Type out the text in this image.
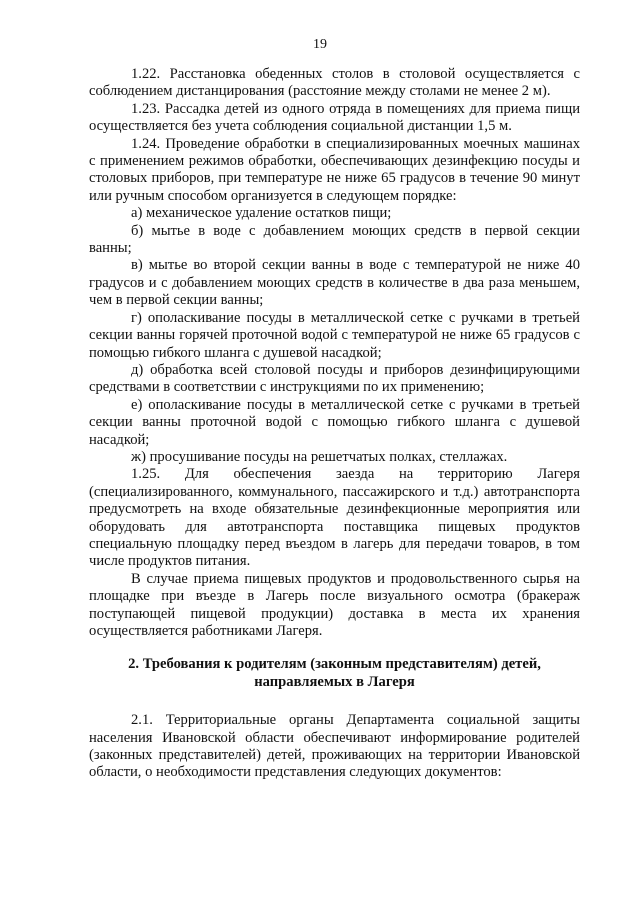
19

1.22. Расстановка обеденных столов в столовой осуществляется с соблюдением дистанцирования (расстояние между столами не менее 2 м).

1.23. Рассадка детей из одного отряда в помещениях для приема пищи осуществляется без учета соблюдения социальной дистанции 1,5 м.

1.24. Проведение обработки в специализированных моечных машинах с применением режимов обработки, обеспечивающих дезинфекцию посуды и столовых приборов, при температуре не ниже 65 градусов в течение 90 минут или ручным способом организуется в следующем порядке:

а) механическое удаление остатков пищи;

б) мытье в воде с добавлением моющих средств в первой секции ванны;

в) мытье во второй секции ванны в воде с температурой не ниже 40 градусов и с добавлением моющих средств в количестве в два раза меньшем, чем в первой секции ванны;

г) ополаскивание посуды в металлической сетке с ручками в третьей секции ванны горячей проточной водой с температурой не ниже 65 градусов с помощью гибкого шланга с душевой насадкой;

д) обработка всей столовой посуды и приборов дезинфицирующими средствами в соответствии с инструкциями по их применению;

е) ополаскивание посуды в металлической сетке с ручками в третьей секции ванны проточной водой с помощью гибкого шланга с душевой насадкой;

ж) просушивание посуды на решетчатых полках, стеллажах.

1.25. Для обеспечения заезда на территорию Лагеря (специализированного, коммунального, пассажирского и т.д.) автотранспорта предусмотреть на входе обязательные дезинфекционные мероприятия или оборудовать для автотранспорта поставщика пищевых продуктов специальную площадку перед въездом в лагерь для передачи товаров, в том числе продуктов питания.

В случае приема пищевых продуктов и продовольственного сырья на площадке при въезде в Лагерь после визуального осмотра (бракераж поступающей пищевой продукции) доставка в места их хранения осуществляется работниками Лагеря.

2. Требования к родителям (законным представителям) детей, направляемых в Лагеря

2.1. Территориальные органы Департамента социальной защиты населения Ивановской области обеспечивают информирование родителей (законных представителей) детей, проживающих на территории Ивановской области, о необходимости представления следующих документов:
